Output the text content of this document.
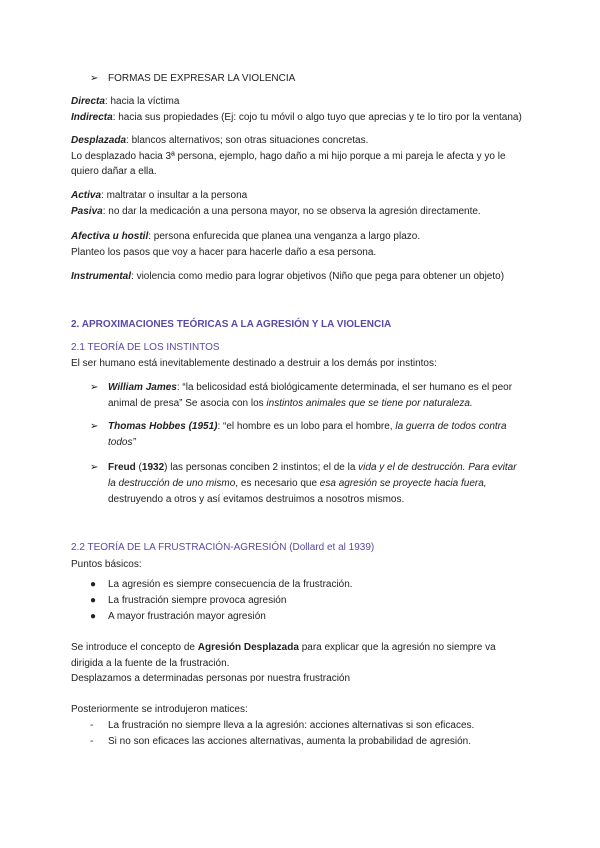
➢ FORMAS DE EXPRESAR LA VIOLENCIA
Directa: hacia la víctima
Indirecta: hacia sus propiedades (Ej: cojo tu móvil o algo tuyo que aprecias y te lo tiro por la ventana)
Desplazada: blancos alternativos; son otras situaciones concretas.
Lo desplazado hacia 3ª persona, ejemplo, hago daño a mi hijo porque a mi pareja le afecta y yo le
quiero dañar a ella.
Activa: maltratar o insultar a la persona
Pasiva: no dar la medicación a una persona mayor, no se observa la agresión directamente.
Afectiva u hostil: persona enfurecida que planea una venganza a largo plazo.
Planteo los pasos que voy a hacer para hacerle daño a esa persona.
Instrumental: violencia como medio para lograr objetivos (Niño que pega para obtener un objeto)
2. APROXIMACIONES TEÓRICAS A LA AGRESIÓN Y LA VIOLENCIA
2.1 TEORÍA DE LOS INSTINTOS
El ser humano está inevitablemente destinado a destruir a los demás por instintos:
➢ William James: “la belicosidad está biológicamente determinada, el ser humano es el peor
animal de presa” Se asocia con los instintos animales que se tiene por naturaleza.
➢ Thomas Hobbes (1951): “el hombre es un lobo para el hombre, la guerra de todos contra
todos”
➢ Freud (1932) las personas conciben 2 instintos; el de la vida y el de destrucción. Para evitar
la destrucción de uno mismo, es necesario que esa agresión se proyecte hacia fuera,
destruyendo a otros y así evitamos destruimos a nosotros mismos.
2.2 TEORÍA DE LA FRUSTRACIÓN-AGRESIÓN (Dollard et al 1939)
Puntos básicos:
● La agresión es siempre consecuencia de la frustración.
● La frustración siempre provoca agresión
● A mayor frustración mayor agresión
Se introduce el concepto de Agresión Desplazada para explicar que la agresión no siempre va
dirigida a la fuente de la frustración.
Desplazamos a determinadas personas por nuestra frustración
Posteriormente se introdujeron matices:
- La frustración no siempre lleva a la agresión: acciones alternativas si son eficaces.
- Si no son eficaces las acciones alternativas, aumenta la probabilidad de agresión.
